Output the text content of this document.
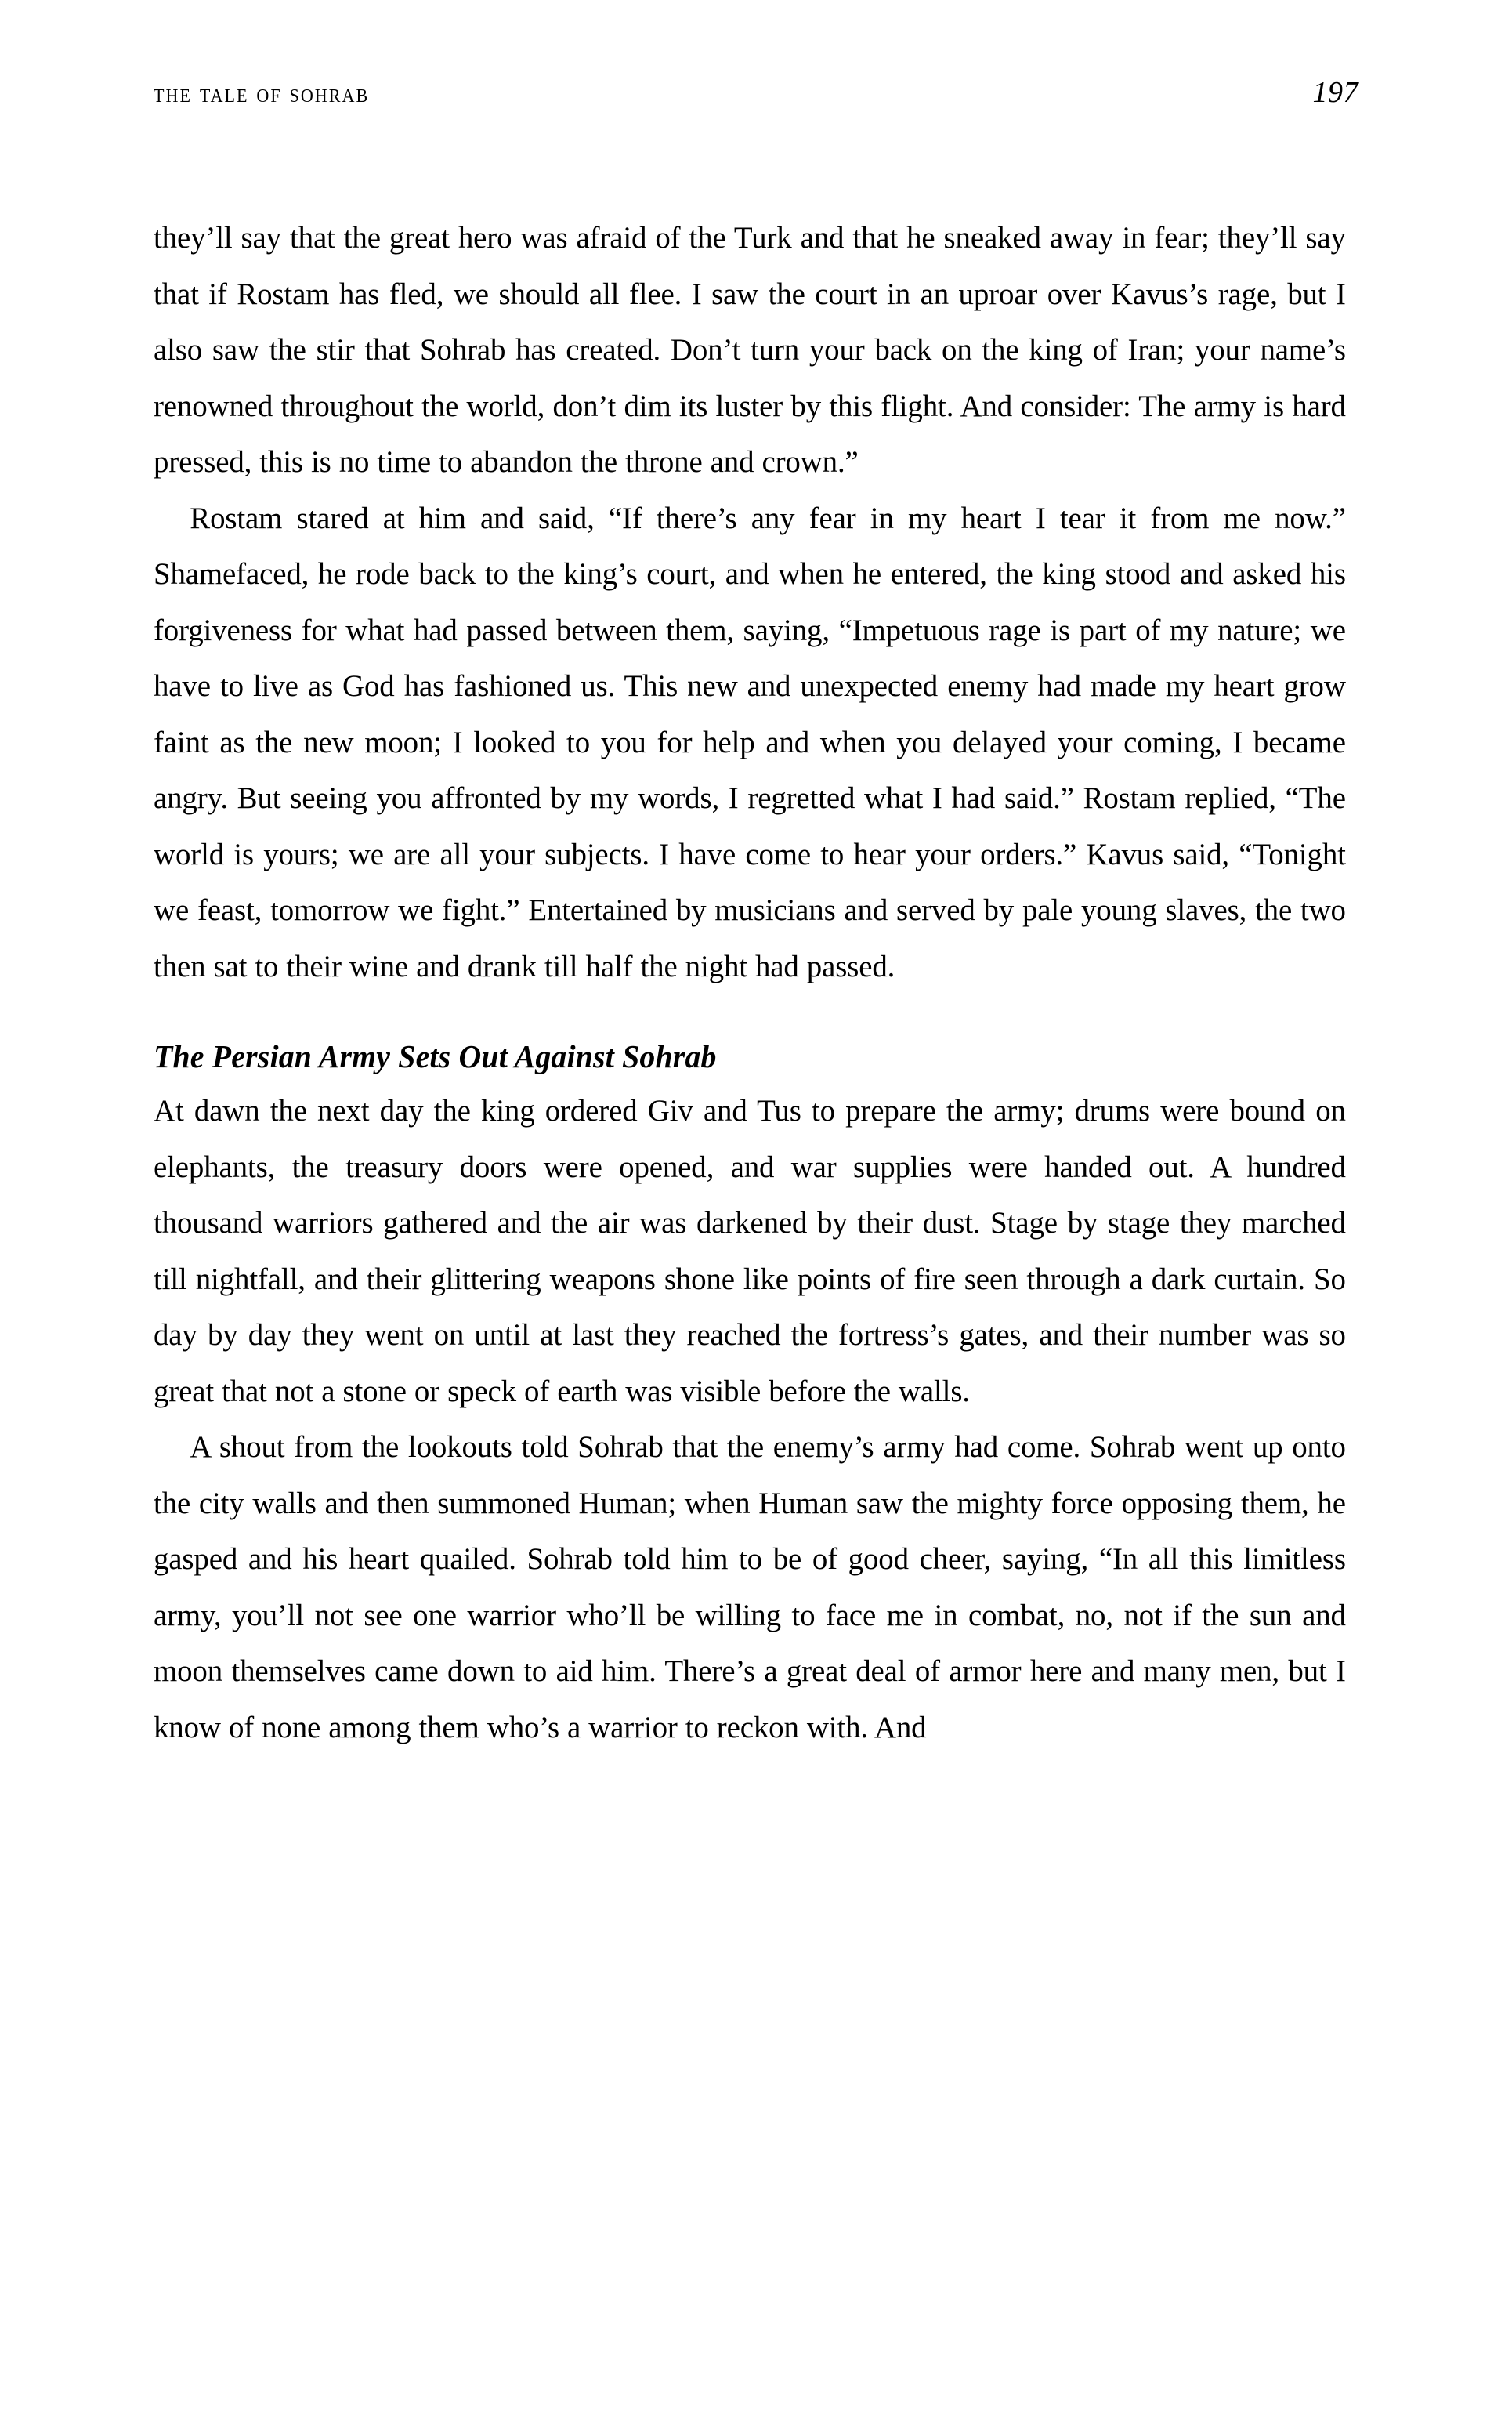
the tale of sohrab	197

they’ll say that the great hero was afraid of the Turk and that he sneaked away in fear; they’ll say that if Rostam has fled, we should all flee. I saw the court in an uproar over Kavus’s rage, but I also saw the stir that Sohrab has created. Don’t turn your back on the king of Iran; your name’s renowned throughout the world, don’t dim its luster by this flight. And consider: The army is hard pressed, this is no time to abandon the throne and crown.”

Rostam stared at him and said, “If there’s any fear in my heart I tear it from me now.” Shamefaced, he rode back to the king’s court, and when he entered, the king stood and asked his forgiveness for what had passed between them, saying, “Impetuous rage is part of my nature; we have to live as God has fashioned us. This new and unexpected enemy had made my heart grow faint as the new moon; I looked to you for help and when you delayed your coming, I became angry. But seeing you affronted by my words, I regretted what I had said.” Rostam replied, “The world is yours; we are all your subjects. I have come to hear your orders.” Kavus said, “Tonight we feast, tomorrow we fight.” Entertained by musicians and served by pale young slaves, the two then sat to their wine and drank till half the night had passed.

The Persian Army Sets Out Against Sohrab

At dawn the next day the king ordered Giv and Tus to prepare the army; drums were bound on elephants, the treasury doors were opened, and war supplies were handed out. A hundred thousand warriors gathered and the air was darkened by their dust. Stage by stage they marched till nightfall, and their glittering weapons shone like points of fire seen through a dark curtain. So day by day they went on until at last they reached the fortress’s gates, and their number was so great that not a stone or speck of earth was visible before the walls.

A shout from the lookouts told Sohrab that the enemy’s army had come. Sohrab went up onto the city walls and then summoned Human; when Human saw the mighty force opposing them, he gasped and his heart quailed. Sohrab told him to be of good cheer, saying, “In all this limitless army, you’ll not see one warrior who’ll be willing to face me in combat, no, not if the sun and moon themselves came down to aid him. There’s a great deal of armor here and many men, but I know of none among them who’s a warrior to reckon with. And
